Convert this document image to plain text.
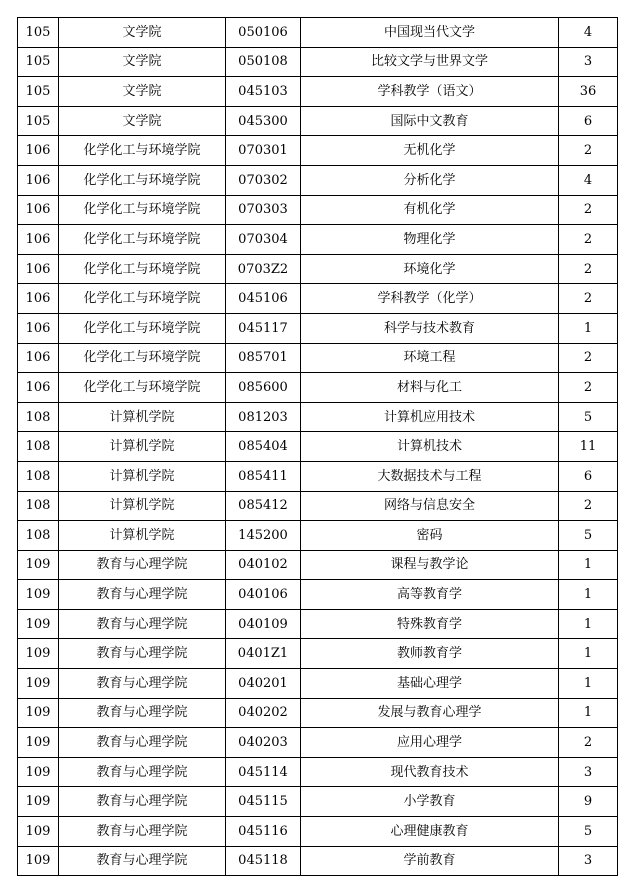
105	文学院	050106	中国现当代文学	4
105	文学院	050108	比较文学与世界文学	3
105	文学院	045103	学科教学（语文）	36
105	文学院	045300	国际中文教育	6
106	化学化工与环境学院	070301	无机化学	2
106	化学化工与环境学院	070302	分析化学	4
106	化学化工与环境学院	070303	有机化学	2
106	化学化工与环境学院	070304	物理化学	2
106	化学化工与环境学院	0703Z2	环境化学	2
106	化学化工与环境学院	045106	学科教学（化学）	2
106	化学化工与环境学院	045117	科学与技术教育	1
106	化学化工与环境学院	085701	环境工程	2
106	化学化工与环境学院	085600	材料与化工	2
108	计算机学院	081203	计算机应用技术	5
108	计算机学院	085404	计算机技术	11
108	计算机学院	085411	大数据技术与工程	6
108	计算机学院	085412	网络与信息安全	2
108	计算机学院	145200	密码	5
109	教育与心理学院	040102	课程与教学论	1
109	教育与心理学院	040106	高等教育学	1
109	教育与心理学院	040109	特殊教育学	1
109	教育与心理学院	0401Z1	教师教育学	1
109	教育与心理学院	040201	基础心理学	1
109	教育与心理学院	040202	发展与教育心理学	1
109	教育与心理学院	040203	应用心理学	2
109	教育与心理学院	045114	现代教育技术	3
109	教育与心理学院	045115	小学教育	9
109	教育与心理学院	045116	心理健康教育	5
109	教育与心理学院	045118	学前教育	3
